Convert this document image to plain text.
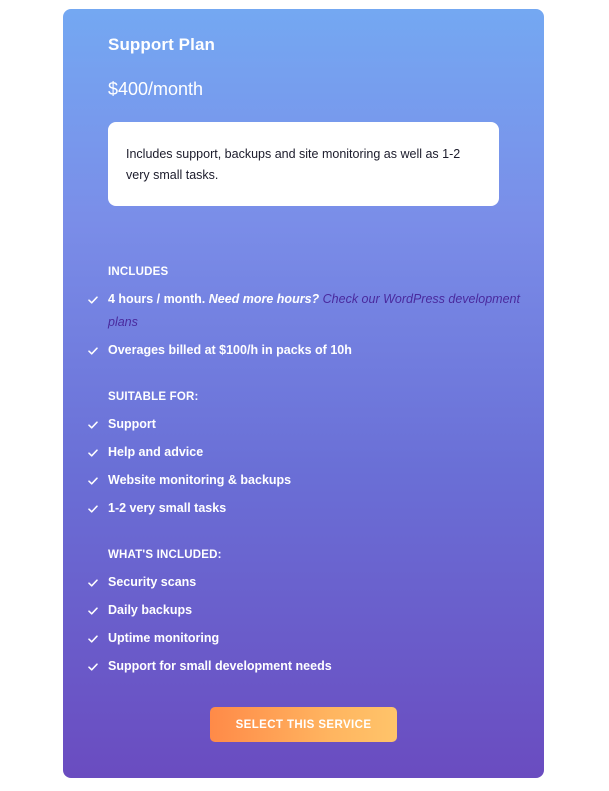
Support Plan
$400/month
Includes support, backups and site monitoring as well as 1-2 very small tasks.
INCLUDES
4 hours / month. Need more hours? Check our WordPress development plans
Overages billed at $100/h in packs of 10h
SUITABLE FOR:
Support
Help and advice
Website monitoring & backups
1-2 very small tasks
WHAT'S INCLUDED:
Security scans
Daily backups
Uptime monitoring
Support for small development needs
SELECT THIS SERVICE
